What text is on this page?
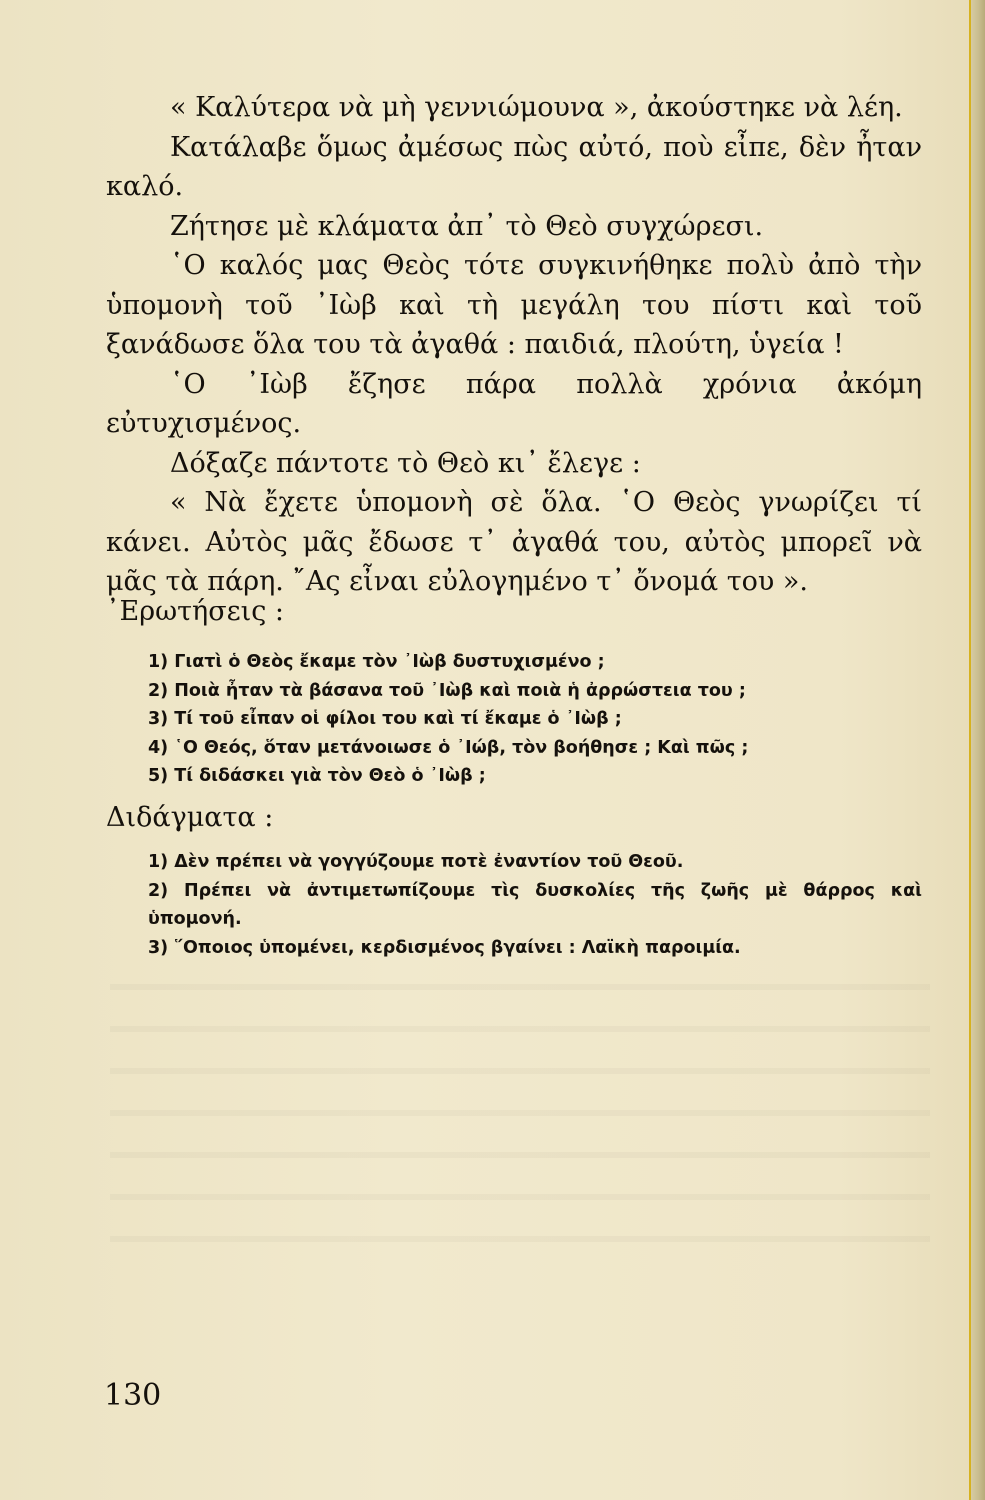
« Καλύτερα νὰ μὴ γεννιώμουνα », ἀκούστηκε νὰ λέη.

Κατάλαβε ὅμως ἀμέσως πὼς αὐτό, ποὺ εἶπε, δὲν ἦταν καλό.

Ζήτησε μὲ κλάματα ἀπ᾽ τὸ Θεὸ συγχώρεσι.

῾Ο καλός μας Θεὸς τότε συγκινήθηκε πολὺ ἀπὸ τὴν ὑπομονὴ τοῦ ᾽Ιὼβ καὶ τὴ μεγάλη του πίστι καὶ τοῦ ξανάδωσε ὅλα του τὰ ἀγαθά : παιδιά, πλούτη, ὑγεία !

῾Ο ᾽Ιὼβ ἔζησε πάρα πολλὰ χρόνια ἀκόμη εὐτυχισμένος.

Δόξαζε πάντοτε τὸ Θεὸ κι᾽ ἔλεγε :

« Νὰ ἔχετε ὑπομονὴ σὲ ὅλα. ῾Ο Θεὸς γνωρίζει τί κάνει. Αὐτὸς μᾶς ἔδωσε τ᾽ ἀγαθά του, αὐτὸς μπορεῖ νὰ μᾶς τὰ πάρη. ῎Ας εἶναι εὐλογημένο τ᾽ ὄνομά του ».

᾽Ερωτήσεις :
1) Γιατὶ ὁ Θεὸς ἔκαμε τὸν ᾽Ιὼβ δυστυχισμένο ;
2) Ποιὰ ἦταν τὰ βάσανα τοῦ ᾽Ιὼβ καὶ ποιὰ ἡ ἀρρώστεια του ;
3) Τί τοῦ εἶπαν οἱ φίλοι του καὶ τί ἔκαμε ὁ ᾽Ιὼβ ;
4) ῾Ο Θεός, ὅταν μετάνοιωσε ὁ ᾽Ιώβ, τὸν βοήθησε ; Καὶ πῶς ;
5) Τί διδάσκει γιὰ τὸν Θεὸ ὁ ᾽Ιὼβ ;
Διδάγματα :
1) Δὲν πρέπει νὰ γογγύζουμε ποτὲ ἐναντίον τοῦ Θεοῦ.
2) Πρέπει νὰ ἀντιμετωπίζουμε τὶς δυσκολίες τῆς ζωῆς μὲ θάρρος καὶ ὑπομονή.
3) ῞Οποιος ὑπομένει, κερδισμένος βγαίνει : Λαϊκὴ παροιμία.
130
